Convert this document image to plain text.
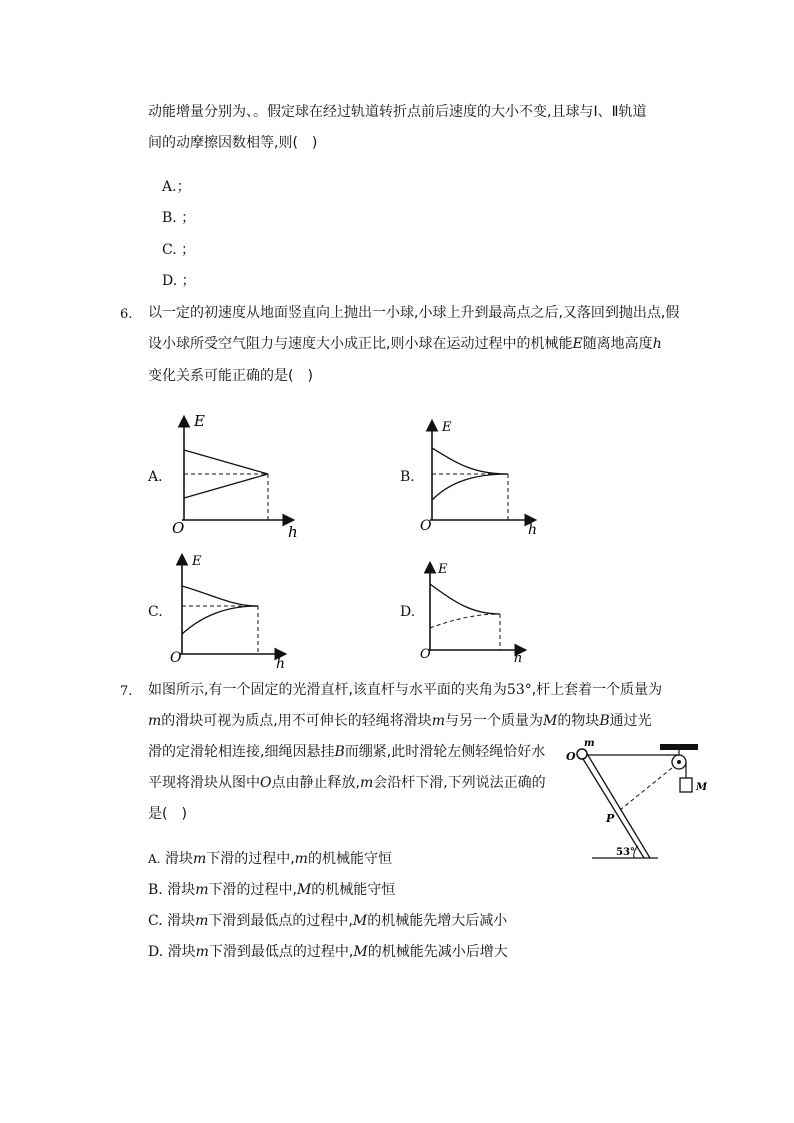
动能增量分别为、。假定球在经过轨道转折点前后速度的大小不变,且球与Ⅰ、Ⅱ轨道
间的动摩擦因数相等,则(　)
A.；
B. ；
C. ；
D. ；
6. 以一定的初速度从地面竖直向上抛出一小球,小球上升到最高点之后,又落回到抛出点,假
设小球所受空气阻力与速度大小成正比,则小球在运动过程中的机械能E随离地高度h
变化关系可能正确的是(　)
A.
E
h
O
B.
E
h
O
C.
E
h
O
D.
E
h
O
7. 如图所示,有一个固定的光滑直杆,该直杆与水平面的夹角为53°,杆上套着一个质量为
m的滑块可视为质点,用不可伸长的轻绳将滑块m与另一个质量为M的物块B通过光
滑的定滑轮相连接,细绳因悬挂B而绷紧,此时滑轮左侧轻绳恰好水
平现将滑块从图中O点由静止释放,m会沿杆下滑,下列说法正确的
是(　)
53°
m
O
M
P
A. 滑块m下滑的过程中,m的机械能守恒
B. 滑块m下滑的过程中,M的机械能守恒
C. 滑块m下滑到最低点的过程中,M的机械能先增大后减小
D. 滑块m下滑到最低点的过程中,M的机械能先减小后增大
